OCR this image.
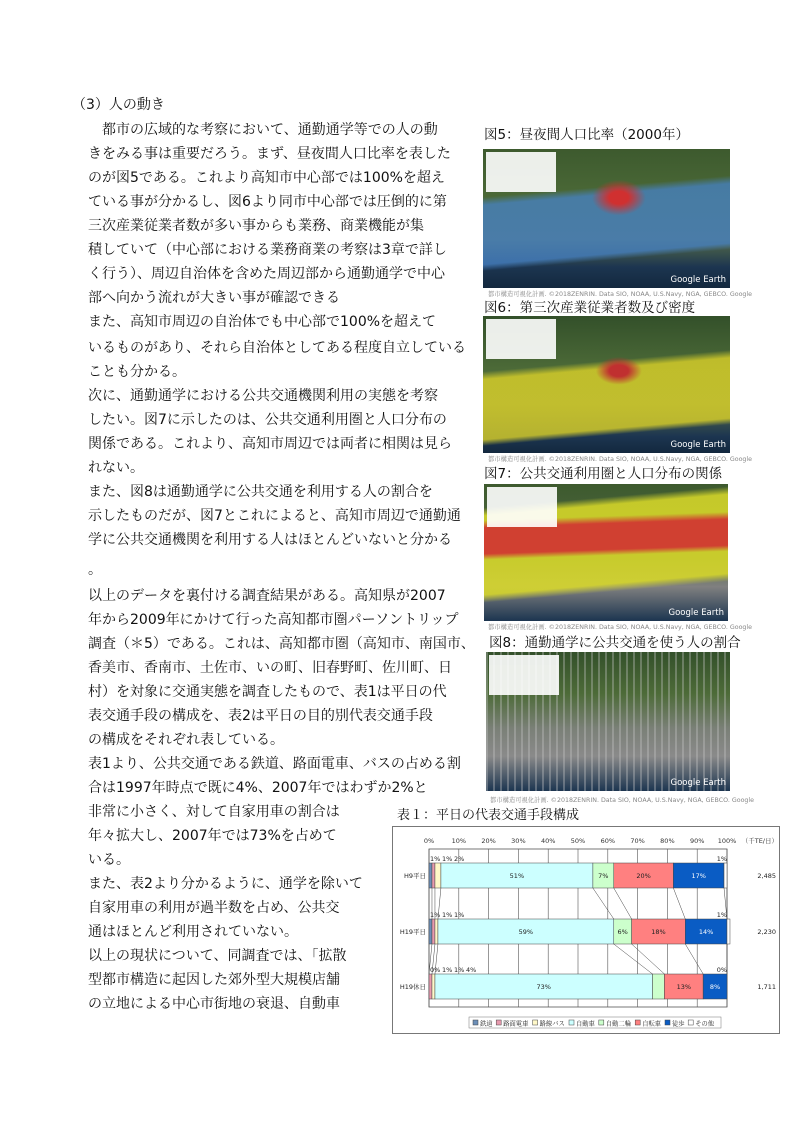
（3）人の動き
　都市の広域的な考察において、通勤通学等での人の動
きをみる事は重要だろう。まず、昼夜間人口比率を表した
のが図5である。これより高知市中心部では100%を超え
ている事が分かるし、図6より同市中心部では圧倒的に第
三次産業従業者数が多い事からも業務、商業機能が集
積していて（中心部における業務商業の考察は3章で詳し
く行う）、周辺自治体を含めた周辺部から通勤通学で中心
部へ向かう流れが大きい事が確認できる
また、高知市周辺の自治体でも中心部で100%を超えて
いるものがあり、それら自治体としてある程度自立している
ことも分かる。
次に、通勤通学における公共交通機関利用の実態を考察
したい。図7に示したのは、公共交通利用圏と人口分布の
関係である。これより、高知市周辺では両者に相関は見ら
れない。
また、図8は通勤通学に公共交通を利用する人の割合を
示したものだが、図7とこれによると、高知市周辺で通勤通
学に公共交通機関を利用する人はほとんどいないと分かる
。
以上のデータを裏付ける調査結果がある。高知県が2007
年から2009年にかけて行った高知都市圏パーソントリップ
調査（＊5）である。これは、高知都市圏（高知市、南国市、
香美市、香南市、土佐市、いの町、旧春野町、佐川町、日
村）を対象に交通実態を調査したもので、表1は平日の代
表交通手段の構成を、表2は平日の目的別代表交通手段
の構成をそれぞれ表している。
表1より、公共交通である鉄道、路面電車、バスの占める割
合は1997年時点で既に4%、2007年ではわずか2%と
非常に小さく、対して自家用車の割合は
年々拡大し、2007年では73%を占めて
いる。
また、表2より分かるように、通学を除いて
自家用車の利用が過半数を占め、公共交
通はほとんど利用されていない。
以上の現状について、同調査では、「拡散
型都市構造に起因した郊外型大規模店舗
の立地による中心市街地の衰退、自動車
図5：昼夜間人口比率（2000年）
Google Earth
都市構造可視化計画. ©2018ZENRIN. Data SIO, NOAA, U.S.Navy, NGA, GEBCO. Google
図6：第三次産業従業者数及び密度
Google Earth
都市構造可視化計画. ©2018ZENRIN. Data SIO, NOAA, U.S.Navy, NGA, GEBCO. Google
図7：公共交通利用圏と人口分布の関係
Google Earth
都市構造可視化計画. ©2018ZENRIN. Data SIO, NOAA, U.S.Navy, NGA, GEBCO. Google
図8：通勤通学に公共交通を使う人の割合
Google Earth
都市構造可視化計画. ©2018ZENRIN. Data SIO, NOAA, U.S.Navy, NGA, GEBCO. Google
表１：平日の代表交通手段構成
0%	10% 20% 30% 40% 50% 60% 70% 80% 90% 100% （千TE/日）
H9平日	2,485
H19平日	2,230
H19休日	1,711
1% 1% 2%
51%	7%	20%	17%
1%
1% 1% 1%
59%	6%	18%	14%
1%
0% 1% 1%
73%
4%
13%	8%
0%
鉄道 路面電車 路線バス 自動車 自動二輪 自転車 徒歩 その他
